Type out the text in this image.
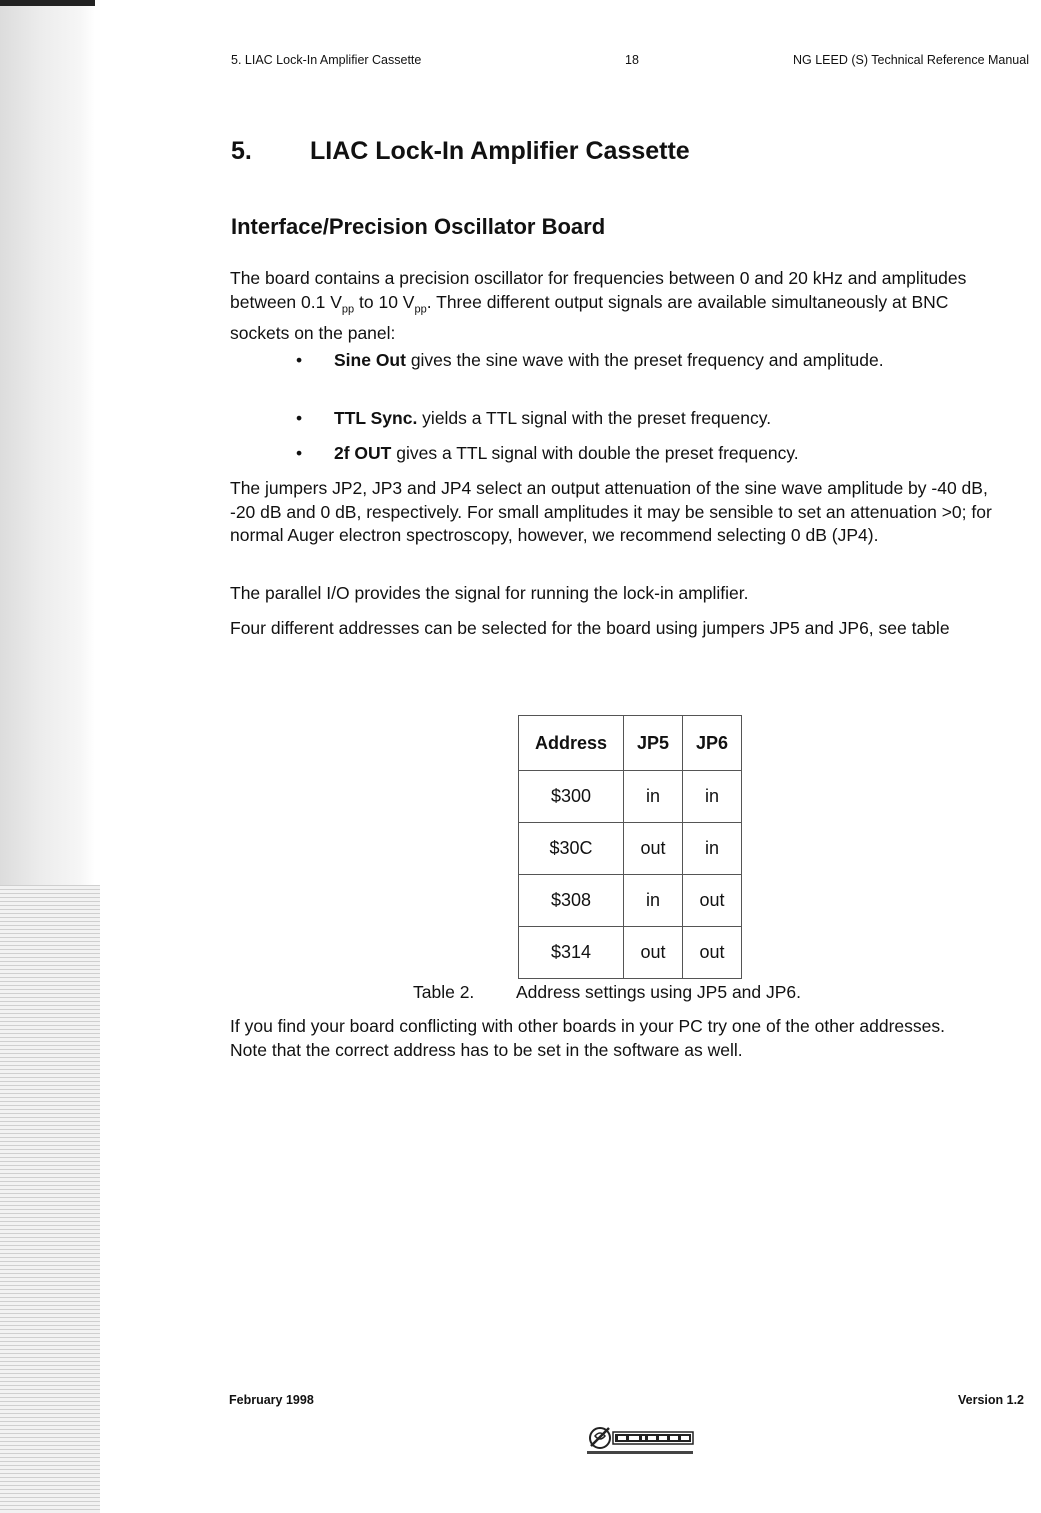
5. LIAC Lock-In Amplifier Cassette	18	NG LEED (S) Technical Reference Manual
5. LIAC Lock-In Amplifier Cassette
Interface/Precision Oscillator Board

The board contains a precision oscillator for frequencies between 0 and 20 kHz and amplitudes between 0.1 $V_{pp}$ to 10 $V_{pp}$. Three different output signals are available simultaneously at BNC sockets on the panel:

• Sine Out gives the sine wave with the preset frequency and amplitude.
• TTL Sync. yields a TTL signal with the preset frequency.
• 2f OUT gives a TTL signal with double the preset frequency.

The jumpers JP2, JP3 and JP4 select an output attenuation of the sine wave amplitude by -40 dB, -20 dB and 0 dB, respectively. For small amplitudes it may be sensible to set an attenuation >0; for normal Auger electron spectroscopy, however, we recommend selecting 0 dB (JP4).

The parallel I/O provides the signal for running the lock-in amplifier.

Four different addresses can be selected for the board using jumpers JP5 and JP6, see table

Address	JP5	JP6
$300	in	in
$30C	out	in
$308	in	out
$314	out	out
Table 2. Address settings using JP5 and JP6.

If you find your board conflicting with other boards in your PC try one of the other addresses. Note that the correct address has to be set in the software as well.

February 1998	Version 1.2
